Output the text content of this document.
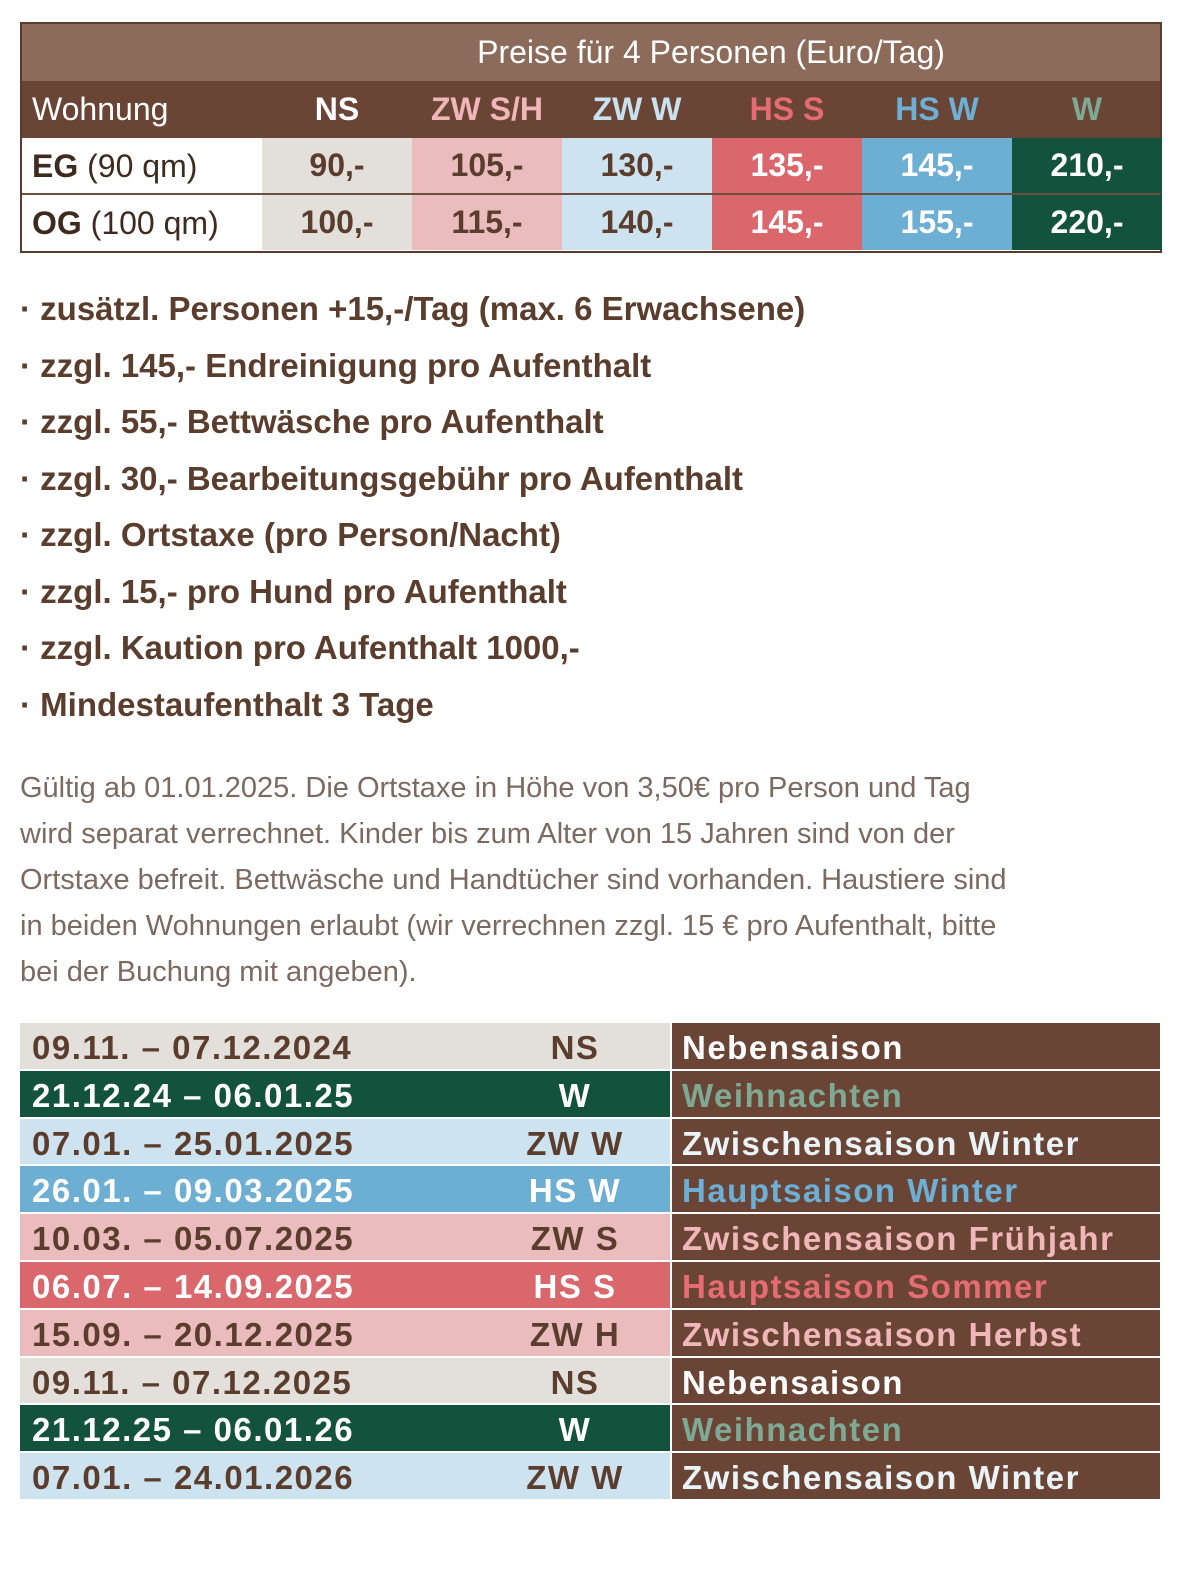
Preise für 4 Personen (Euro/Tag)
Wohnung	NS	ZW S/H	ZW W	HS S	HS W	W
EG (90 qm)	90,-	105,-	130,-	135,-	145,-	210,-
OG (100 qm)	100,-	115,-	140,-	145,-	155,-	220,-
· zusätzl. Personen +15,-/Tag (max. 6 Erwachsene)
· zzgl. 145,- Endreinigung pro Aufenthalt
· zzgl. 55,- Bettwäsche pro Aufenthalt
· zzgl. 30,- Bearbeitungsgebühr pro Aufenthalt
· zzgl. Ortstaxe (pro Person/Nacht)
· zzgl. 15,- pro Hund pro Aufenthalt
· zzgl. Kaution pro Aufenthalt 1000,-
· Mindestaufenthalt 3 Tage
Gültig ab 01.01.2025. Die Ortstaxe in Höhe von 3,50€ pro Person und Tag
wird separat verrechnet. Kinder bis zum Alter von 15 Jahren sind von der
Ortstaxe befreit. Bettwäsche und Handtücher sind vorhanden. Haustiere sind
in beiden Wohnungen erlaubt (wir verrechnen zzgl. 15 € pro Aufenthalt, bitte
bei der Buchung mit angeben).
09.11. – 07.12.2024	NS	Nebensaison
21.12.24 – 06.01.25	W	Weihnachten
07.01. – 25.01.2025	ZW W	Zwischensaison Winter
26.01. – 09.03.2025	HS W	Hauptsaison Winter
10.03. – 05.07.2025	ZW S	Zwischensaison Frühjahr
06.07. – 14.09.2025	HS S	Hauptsaison Sommer
15.09. – 20.12.2025	ZW H	Zwischensaison Herbst
09.11. – 07.12.2025	NS	Nebensaison
21.12.25 – 06.01.26	W	Weihnachten
07.01. – 24.01.2026	ZW W	Zwischensaison Winter
